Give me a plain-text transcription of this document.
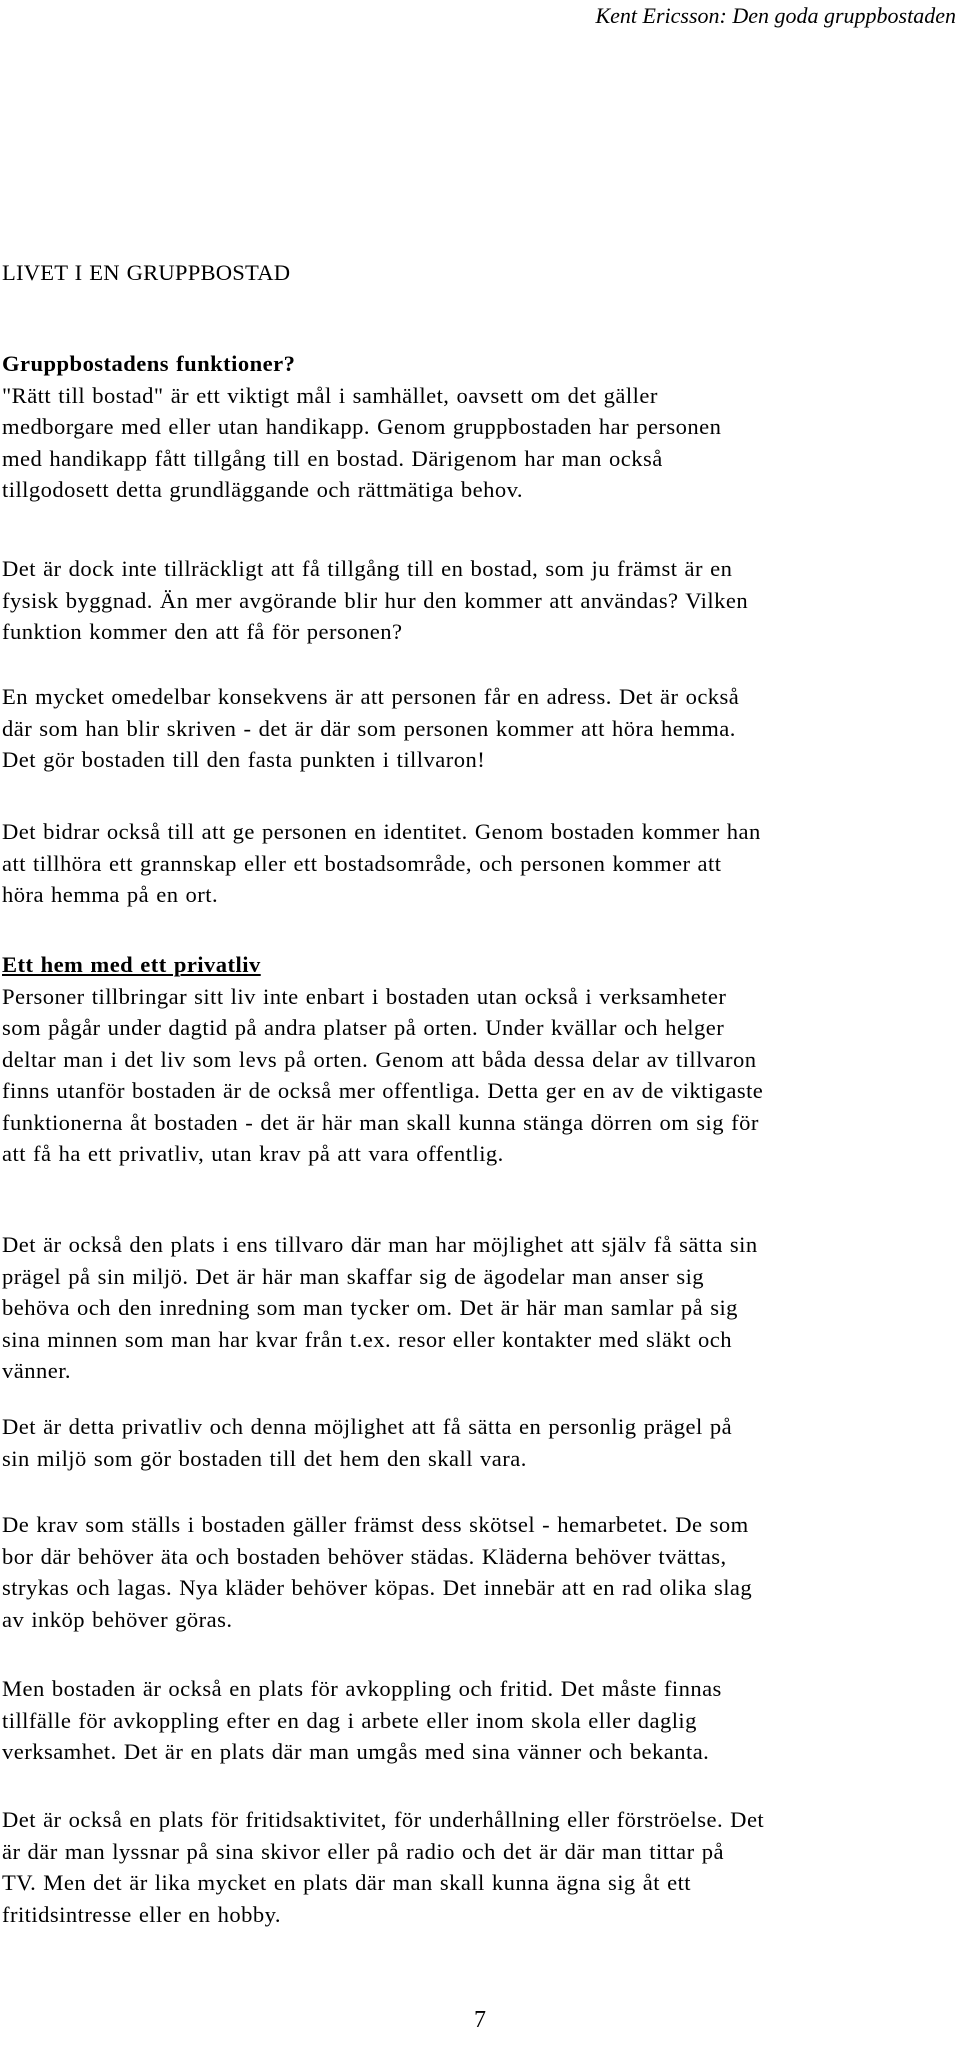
Kent Ericsson: Den goda gruppbostaden

LIVET I EN GRUPPBOSTAD

Gruppbostadens funktioner?
"Rätt till bostad" är ett viktigt mål i samhället, oavsett om det gäller
medborgare med eller utan handikapp. Genom gruppbostaden har personen
med handikapp fått tillgång till en bostad. Därigenom har man också
tillgodosett detta grundläggande och rättmätiga behov.

Det är dock inte tillräckligt att få tillgång till en bostad, som ju främst är en
fysisk byggnad. Än mer avgörande blir hur den kommer att användas? Vilken
funktion kommer den att få för personen?

En mycket omedelbar konsekvens är att personen får en adress. Det är också
där som han blir skriven - det är där som personen kommer att höra hemma.
Det gör bostaden till den fasta punkten i tillvaron!

Det bidrar också till att ge personen en identitet. Genom bostaden kommer han
att tillhöra ett grannskap eller ett bostadsområde, och personen kommer att
höra hemma på en ort.

Ett hem med ett privatliv
Personer tillbringar sitt liv inte enbart i bostaden utan också i verksamheter
som pågår under dagtid på andra platser på orten. Under kvällar och helger
deltar man i det liv som levs på orten. Genom att båda dessa delar av tillvaron
finns utanför bostaden är de också mer offentliga. Detta ger en av de viktigaste
funktionerna åt bostaden - det är här man skall kunna stänga dörren om sig för
att få ha ett privatliv, utan krav på att vara offentlig.

Det är också den plats i ens tillvaro där man har möjlighet att själv få sätta sin
prägel på sin miljö. Det är här man skaffar sig de ägodelar man anser sig
behöva och den inredning som man tycker om. Det är här man samlar på sig
sina minnen som man har kvar från t.ex. resor eller kontakter med släkt och
vänner.

Det är detta privatliv och denna möjlighet att få sätta en personlig prägel på
sin miljö som gör bostaden till det hem den skall vara.

De krav som ställs i bostaden gäller främst dess skötsel - hemarbetet. De som
bor där behöver äta och bostaden behöver städas. Kläderna behöver tvättas,
strykas och lagas. Nya kläder behöver köpas. Det innebär att en rad olika slag
av inköp behöver göras.

Men bostaden är också en plats för avkoppling och fritid. Det måste finnas
tillfälle för avkoppling efter en dag i arbete eller inom skola eller daglig
verksamhet. Det är en plats där man umgås med sina vänner och bekanta.

Det är också en plats för fritidsaktivitet, för underhållning eller förströelse. Det
är där man lyssnar på sina skivor eller på radio och det är där man tittar på
TV. Men det är lika mycket en plats där man skall kunna ägna sig åt ett
fritidsintresse eller en hobby.

7
